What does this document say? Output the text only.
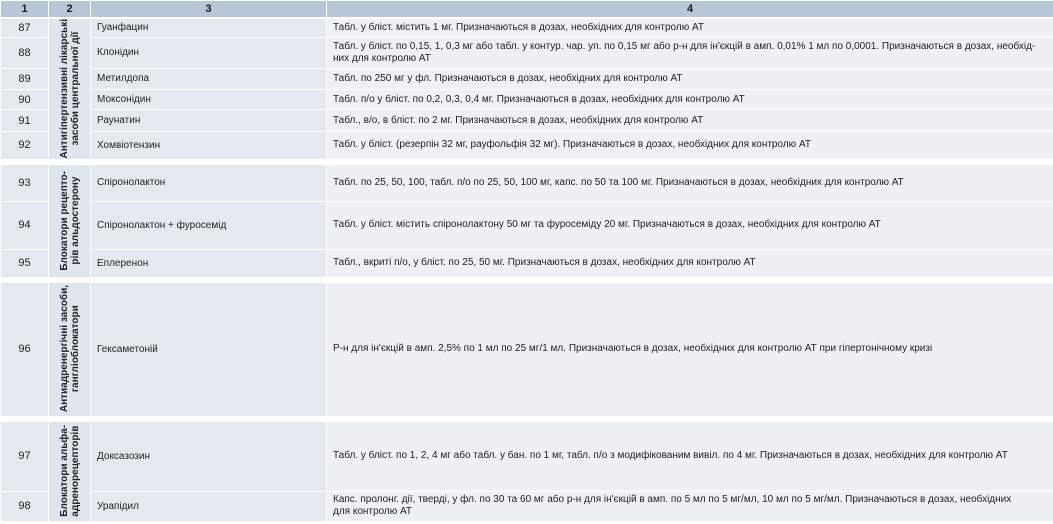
1	2	3	4
87	Антигіпертензивні лікарські
засоби центральної дії	Гуанфацин	Табл. у бліст. містить 1 мг. Призначаються в дозах, необхідних для контролю АТ
88		Клонідин	Табл. у бліст. по 0,15, 1, 0,3 мг або табл. у контур. чар. уп. по 0,15 мг або р-н для ін'єкцій в амп. 0,01% 1 мл по 0,0001. Призначаються в дозах, необхід-
них для контролю АТ
89		Метилдопа	Табл. по 250 мг у фл. Призначаються в дозах, необхідних для контролю АТ
90		Моксонідин	Табл. п/о у бліст. по 0,2, 0,3, 0,4 мг. Призначаються в дозах, необхідних для контролю АТ
91		Раунатин	Табл., в/о, в бліст. по 2 мг. Призначаються в дозах, необхідних для контролю АТ
92		Хомвіотензин	Табл. у бліст. (резерпін 32 мг, рауфольфія 32 мг). Призначаються в дозах, необхідних для контролю АТ

93	Блокатори рецепто-
рів альдостерону	Спіронолактон	Табл. по 25, 50, 100, табл. п/о по 25, 50, 100 мг, капс. по 50 та 100 мг. Призначаються в дозах, необхідних для контролю АТ
94		Спіронолактон + фуросемід	Табл. у бліст. містить спіронолактону 50 мг та фуросеміду 20 мг. Призначаються в дозах, необхідних для контролю АТ
95		Еплеренон	Табл., вкриті п/о, у бліст. по 25, 50 мг. Призначаються в дозах, необхідних для контролю АТ

96	Антиадренергічні засоби,
гангліоблокатори	Гексаметоній	Р-н для ін'єкцій в амп. 2,5% по 1 мл по 25 мг/1 мл. Призначаються в дозах, необхідних для контролю АТ при гіпертонічному кризі

97	Блокатори альфа-
адренорецепторів	Доксазозин	Табл. у бліст. по 1, 2, 4 мг або табл. у бан. по 1 мг, табл. п/о з модифікованим вивіл. по 4 мг. Призначаються в дозах, необхідних для контролю АТ
98		Урапідил	Капс. пролонг. дії, тверді, у фл. по 30 та 60 мг або р-н для ін'єкцій в амп. по 5 мл по 5 мг/мл, 10 мл по 5 мг/мл. Призначаються в дозах, необхідних
для контролю АТ
